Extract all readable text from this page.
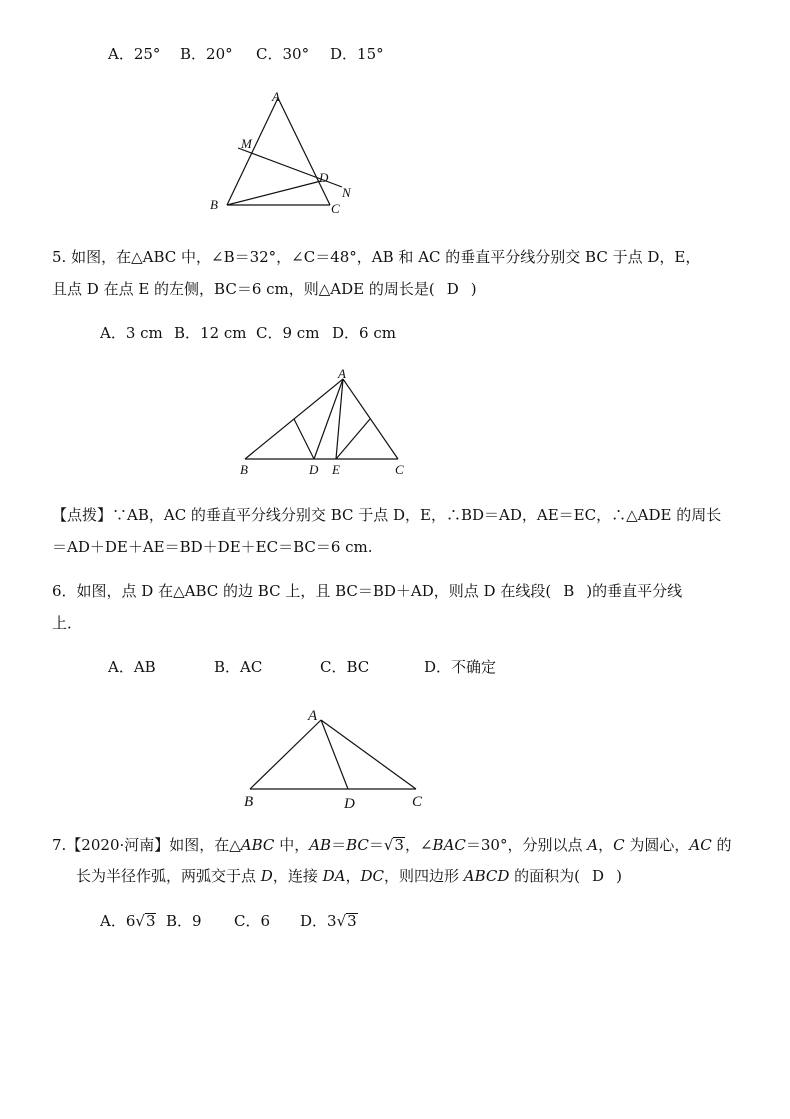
A．25° B．20° C．30° D．15°
A
M
D
N
B	C
5. 如图，在△ABC 中，∠B＝32°，∠C＝48°，AB 和 AC 的垂直平分线分别交 BC 于点 D，E，
且点 D 在点 E 的左侧，BC＝6 cm，则△ADE 的周长是( D )
A．3 cm B．12 cm C．9 cm D．6 cm
A
B	D E	C
【点拨】∵AB，AC 的垂直平分线分别交 BC 于点 D，E，∴BD＝AD，AE＝EC，∴△ADE 的周长
＝AD＋DE＋AE＝BD＋DE＋EC＝BC＝6 cm.
6．如图，点 D 在△ABC 的边 BC 上，且 BC＝BD＋AD，则点 D 在线段( B )的垂直平分线
上．
A．AB	B．AC	C．BC	D．不确定
A
B	D	C
7.【2020·河南】如图，在△ABC 中，AB＝BC＝√3，∠BAC＝30°，分别以点 A，C 为圆心，AC 的
长为半径作弧，两弧交于点 D，连接 DA，DC，则四边形 ABCD 的面积为( D )
A．6√3 B．9 C．6 D．3√3
